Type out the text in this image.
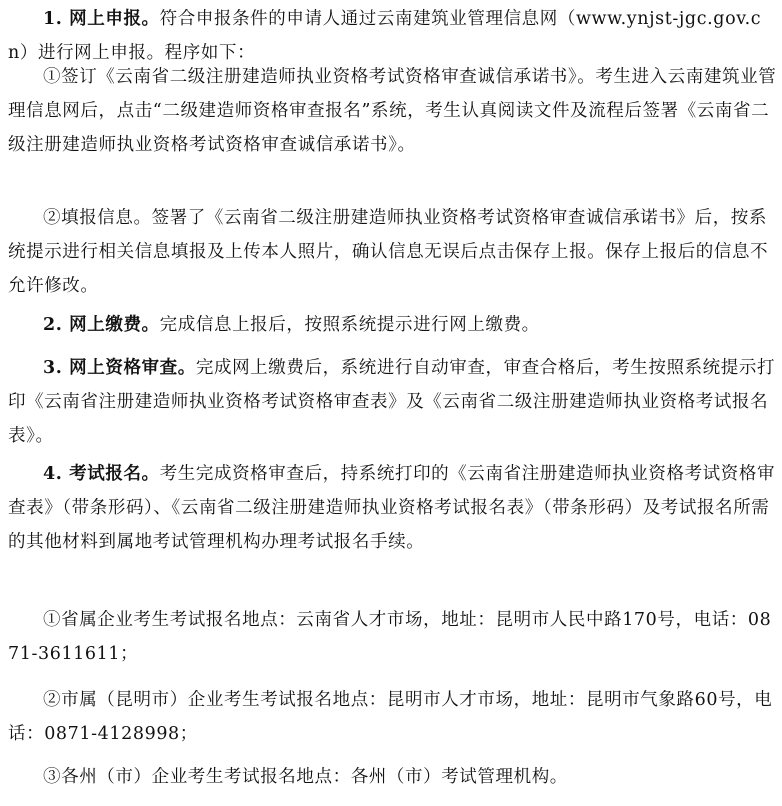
1. 网上申报。符合申报条件的申请人通过云南建筑业管理信息网（www.ynjst-jgc.gov.cn）进行网上申报。程序如下：

①签订《云南省二级注册建造师执业资格考试资格审查诚信承诺书》。考生进入云南建筑业管理信息网后，点击“二级建造师资格审查报名”系统，考生认真阅读文件及流程后签署《云南省二级注册建造师执业资格考试资格审查诚信承诺书》。

②填报信息。签署了《云南省二级注册建造师执业资格考试资格审查诚信承诺书》后，按系统提示进行相关信息填报及上传本人照片，确认信息无误后点击保存上报。保存上报后的信息不允许修改。

2. 网上缴费。完成信息上报后，按照系统提示进行网上缴费。

3. 网上资格审查。完成网上缴费后，系统进行自动审查，审查合格后，考生按照系统提示打印《云南省注册建造师执业资格考试资格审查表》及《云南省二级注册建造师执业资格考试报名表》。

4. 考试报名。考生完成资格审查后，持系统打印的《云南省注册建造师执业资格考试资格审查表》（带条形码）、《云南省二级注册建造师执业资格考试报名表》（带条形码）及考试报名所需的其他材料到属地考试管理机构办理考试报名手续。

①省属企业考生考试报名地点：云南省人才市场，地址：昆明市人民中路170号，电话：0871-3611611；

②市属（昆明市）企业考生考试报名地点：昆明市人才市场，地址：昆明市气象路60号，电话：0871-4128998；

③各州（市）企业考生考试报名地点：各州（市）考试管理机构。
